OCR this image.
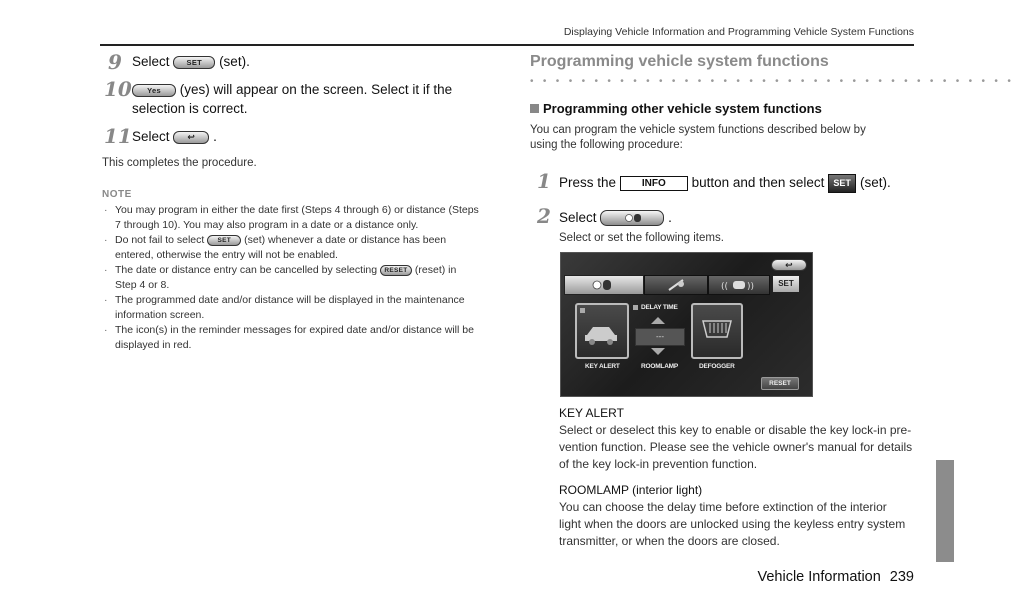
Displaying Vehicle Information and Programming Vehicle System Functions
9 Select SET (set).
10	Yes (yes) will appear on the screen. Select it if the
selection is correct.
11 Select ↩ .
This completes the procedure.
NOTE
· You may program in either the date first (Steps 4 through 6) or distance (Steps
7 through 10). You may also program in a date or a distance only.
· Do not fail to select SET (set) whenever a date or distance has been
entered, otherwise the entry will not be enabled.
· The date or distance entry can be cancelled by selecting RESET (reset) in
Step 4 or 8.
· The programmed date and/or distance will be displayed in the maintenance
information screen.
· The icon(s) in the reminder messages for expired date and/or distance will be
displayed in red.
Programming vehicle system functions
••••••••••••••••••••••••••••••••••••••
Programming other vehicle system functions
You can program the vehicle system functions described below by
using the following procedure:
1 Press the	INFO button and then select SET (set).
2 Select	.
Select or set the following items.
↩
(( ))	SET
KEY ALERT
DELAY TIME
---
ROOMLAMP	DEFOGGER
RESET
KEY ALERT
Select or deselect this key to enable or disable the key lock-in pre-
vention function. Please see the vehicle owner's manual for details
of the key lock-in prevention function.
ROOMLAMP (interior light)
You can choose the delay time before extinction of the interior
light when the doors are unlocked using the keyless entry system
transmitter, or when the doors are closed.
Vehicle Information 239
